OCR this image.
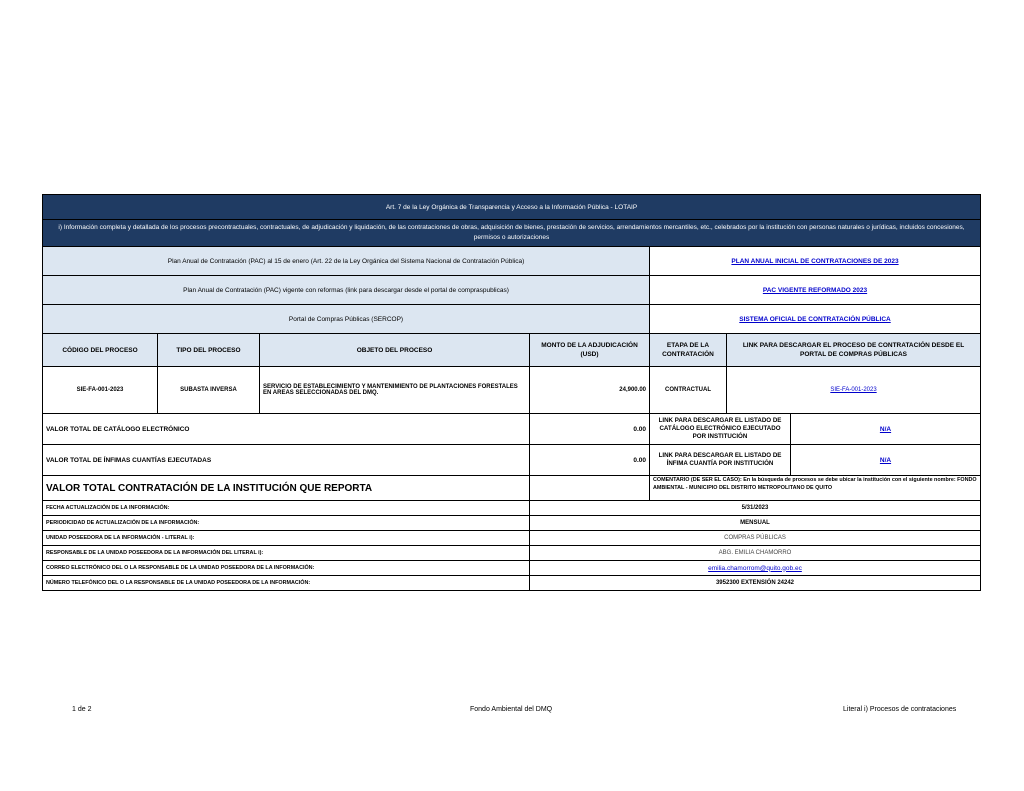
Art. 7 de la Ley Orgánica de Transparencia y Acceso a la Información Pública - LOTAIP						
i) Información completa y detallada de los procesos precontractuales, contractuales, de adjudicación y liquidación, de las contrataciones de obras, adquisición de bienes, prestación de servicios, arrendamientos mercantiles, etc., celebrados por la institución con personas naturales o jurídicas, incluidos concesiones, permisos o autorizaciones						
Plan Anual de Contratación (PAC) al 15 de enero (Art. 22 de la Ley Orgánica del Sistema Nacional de Contratación Pública)				PLAN ANUAL INICIAL DE CONTRATACIONES DE 2023		
Plan Anual de Contratación (PAC) vigente con reformas (link para descargar desde el portal de compraspublicas)				PAC VIGENTE REFORMADO 2023		
Portal de Compras Públicas (SERCOP)				SISTEMA OFICIAL DE CONTRATACIÓN PÚBLICA		
CÓDIGO DEL PROCESO	TIPO DEL PROCESO	OBJETO DEL PROCESO	MONTO DE LA ADJUDICACIÓN (USD)	ETAPA DE LA CONTRATACIÓN	LINK PARA DESCARGAR EL PROCESO DE CONTRATACIÓN DESDE EL PORTAL DE COMPRAS PÚBLICAS	
SIE-FA-001-2023	SUBASTA INVERSA	SERVICIO DE ESTABLECIMIENTO Y MANTENIMIENTO DE PLANTACIONES FORESTALES EN AREAS SELECCIONADAS DEL DMQ.	24,900.00	CONTRACTUAL	SIE-FA-001-2023	
VALOR TOTAL DE CATÁLOGO ELECTRÓNICO			0.00	LINK PARA DESCARGAR EL LISTADO DE CATÁLOGO ELECTRÓNICO EJECUTADO POR INSTITUCIÓN		N/A
VALOR TOTAL DE ÍNFIMAS CUANTÍAS EJECUTADAS			0.00	LINK PARA DESCARGAR EL LISTADO DE ÍNFIMA CUANTÍA POR INSTITUCIÓN		N/A
VALOR TOTAL CONTRATACIÓN DE LA INSTITUCIÓN QUE REPORTA				COMENTARIO (DE SER EL CASO): En la búsqueda de procesos se debe ubicar la institución con el siguiente nombre: FONDO AMBIENTAL - MUNICIPIO DEL DISTRITO METROPOLITANO DE QUITO		
FECHA ACTUALIZACIÓN DE LA INFORMACIÓN:			5/31/2023			
PERIODICIDAD DE ACTUALIZACIÓN DE LA INFORMACIÓN:			MENSUAL			
UNIDAD POSEEDORA DE LA INFORMACIÓN - LITERAL i):			COMPRAS PÚBLICAS			
RESPONSABLE DE LA UNIDAD POSEEDORA DE LA INFORMACIÓN DEL LITERAL i):			ABG. EMILIA CHAMORRO			
CORREO ELECTRÓNICO DEL O LA RESPONSABLE DE LA UNIDAD POSEEDORA DE LA INFORMACIÓN:			emilia.chamorrom@quito.gob.ec			
NÚMERO TELEFÓNICO DEL O LA RESPONSABLE DE LA UNIDAD POSEEDORA DE LA INFORMACIÓN:			3952300 EXTENSIÓN 24242			
1 de 2	Fondo Ambiental del DMQ	Literal i) Procesos de contrataciones
